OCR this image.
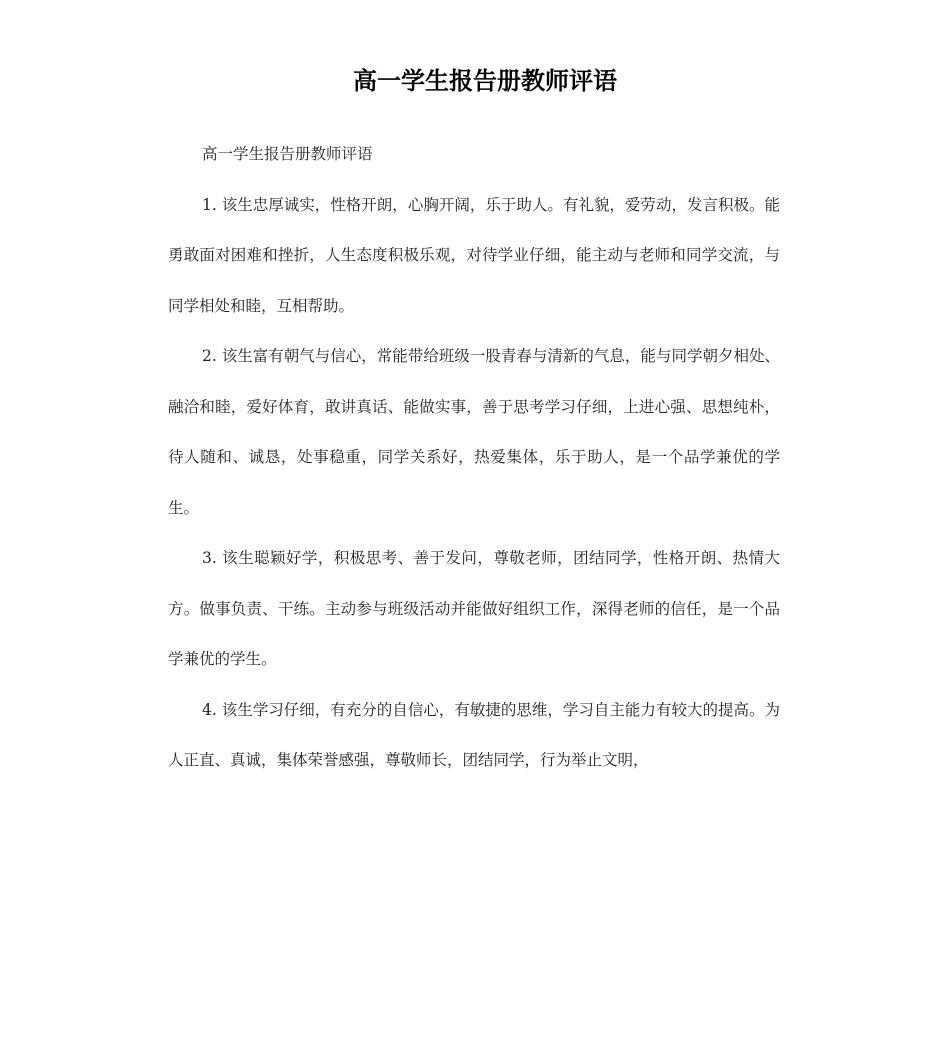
高一学生报告册教师评语

高一学生报告册教师评语

1. 该生忠厚诚实，性格开朗，心胸开阔，乐于助人。有礼貌，爱劳动，发言积极。能勇敢面对困难和挫折，人生态度积极乐观，对待学业仔细，能主动与老师和同学交流，与同学相处和睦，互相帮助。

2. 该生富有朝气与信心，常能带给班级一股青春与清新的气息，能与同学朝夕相处、融洽和睦，爱好体育，敢讲真话、能做实事，善于思考学习仔细，上进心强、思想纯朴，待人随和、诚恳，处事稳重，同学关系好，热爱集体，乐于助人，是一个品学兼优的学生。

3. 该生聪颖好学，积极思考、善于发问，尊敬老师，团结同学，性格开朗、热情大方。做事负责、干练。主动参与班级活动并能做好组织工作，深得老师的信任，是一个品学兼优的学生。

4. 该生学习仔细，有充分的自信心，有敏捷的思维，学习自主能力有较大的提高。为人正直、真诚，集体荣誉感强，尊敬师长，团结同学，行为举止文明，
